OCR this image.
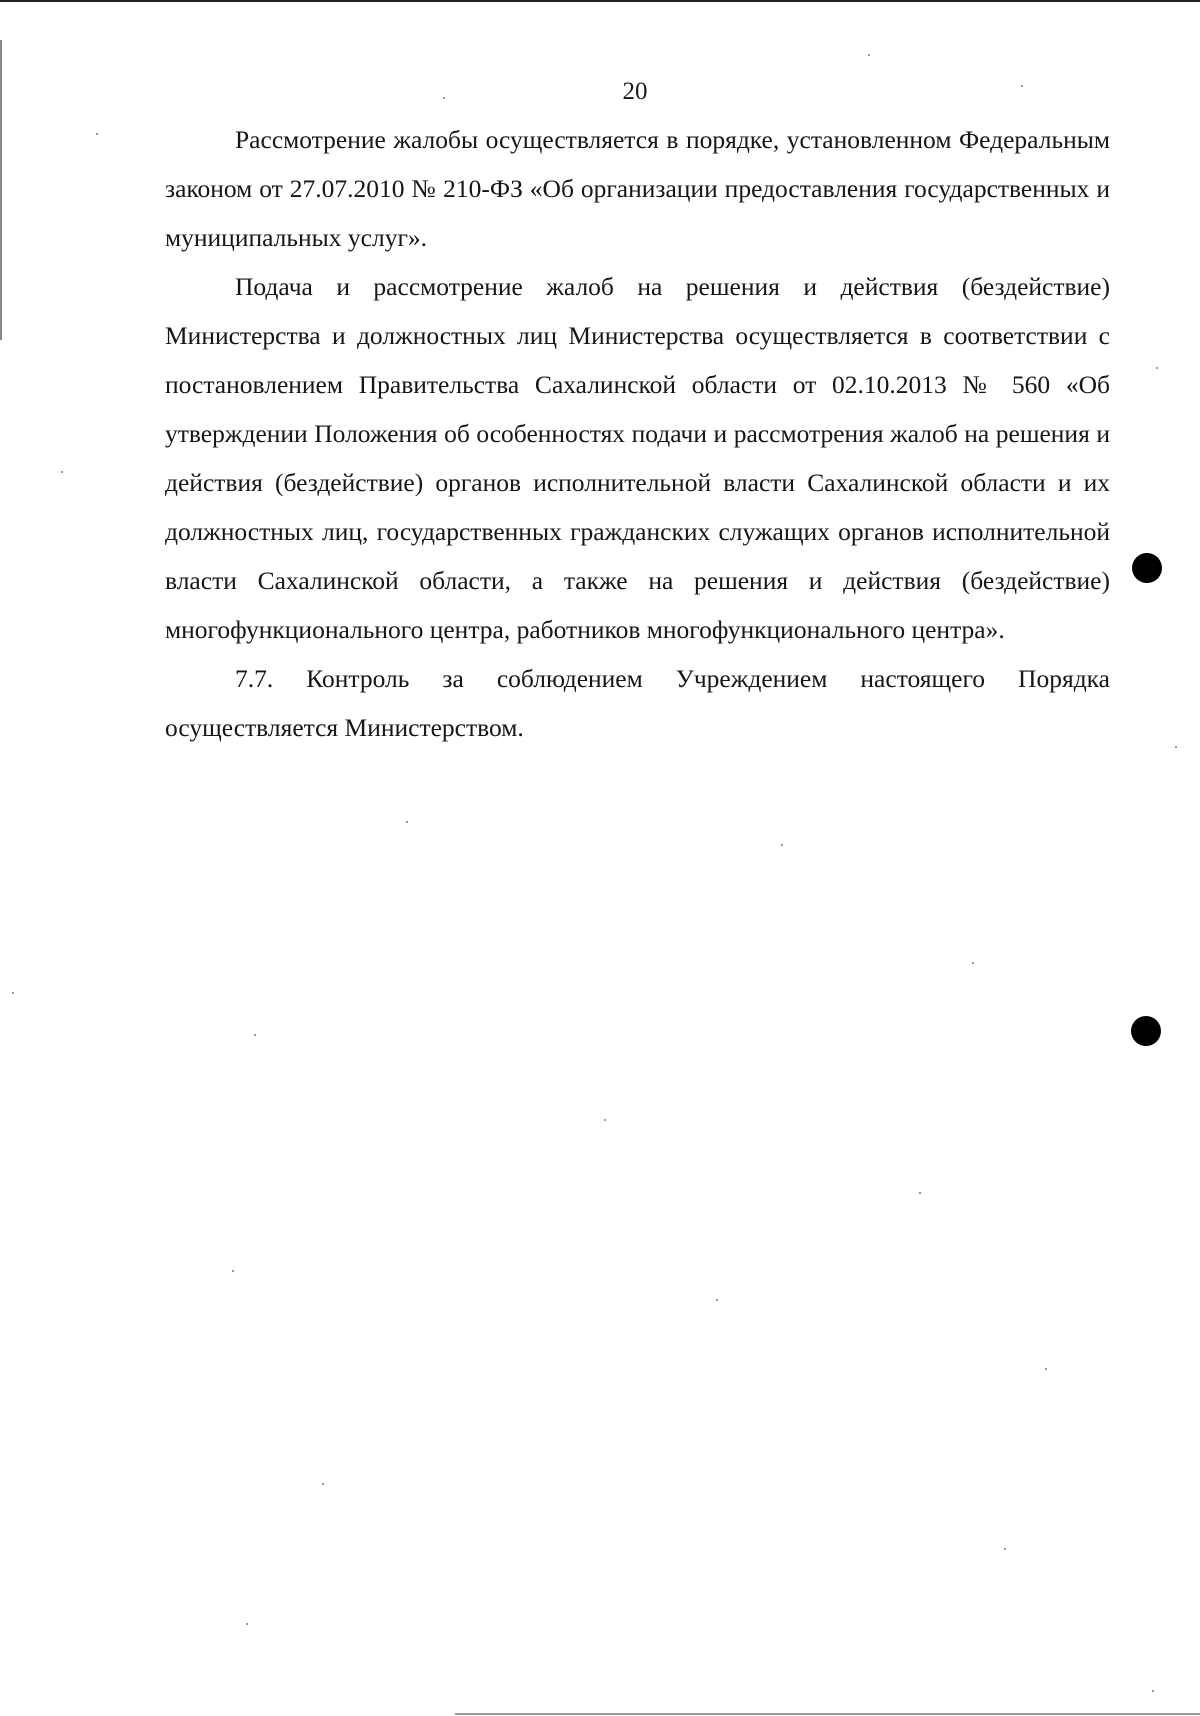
20

Рассмотрение жалобы осуществляется в порядке, установленном Федеральным законом от 27.07.2010 № 210-ФЗ «Об организации предоставления государственных и муниципальных услуг».

Подача и рассмотрение жалоб на решения и действия (бездействие) Министерства и должностных лиц Министерства осуществляется в соответствии с постановлением Правительства Сахалинской области от 02.10.2013 № 560 «Об утверждении Положения об особенностях подачи и рассмотрения жалоб на решения и действия (бездействие) органов исполнительной власти Сахалинской области и их должностных лиц, государственных гражданских служащих органов исполнительной власти Сахалинской области, а также на решения и действия (бездействие) многофункционального центра, работников многофункционального центра».

7.7. Контроль за соблюдением Учреждением настоящего Порядка осуществляется Министерством.
